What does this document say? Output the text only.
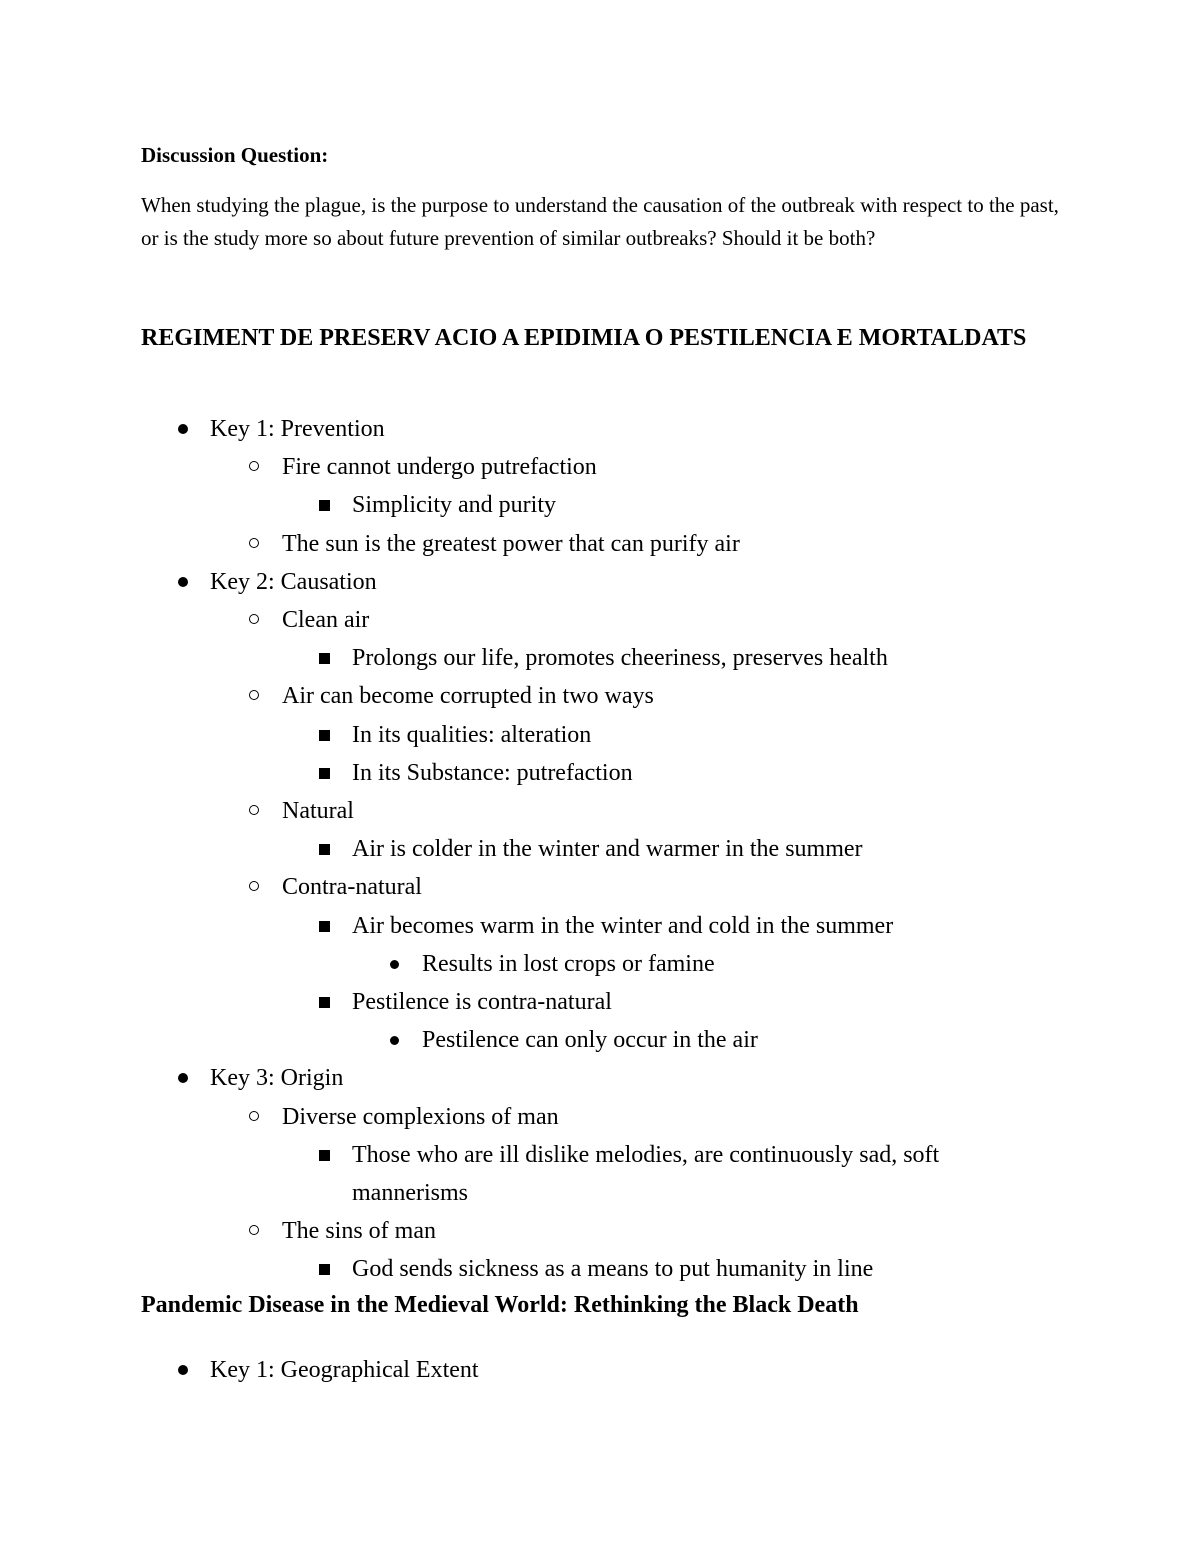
Discussion Question:
When studying the plague, is the purpose to understand the causation of the outbreak with respect to the past, or is the study more so about future prevention of similar outbreaks? Should it be both?
REGIMENT DE PRESERV ACIO A EPIDIMIA O PESTILENCIA E MORTALDATS
Key 1: Prevention
Fire cannot undergo putrefaction
Simplicity and purity
The sun is the greatest power that can purify air
Key 2: Causation
Clean air
Prolongs our life, promotes cheeriness, preserves health
Air can become corrupted in two ways
In its qualities: alteration
In its Substance: putrefaction
Natural
Air is colder in the winter and warmer in the summer
Contra-natural
Air becomes warm in the winter and cold in the summer
Results in lost crops or famine
Pestilence is contra-natural
Pestilence can only occur in the air
Key 3: Origin
Diverse complexions of man
Those who are ill dislike melodies, are continuously sad, soft
mannerisms
The sins of man
God sends sickness as a means to put humanity in line
Pandemic Disease in the Medieval World: Rethinking the Black Death
Key 1: Geographical Extent
